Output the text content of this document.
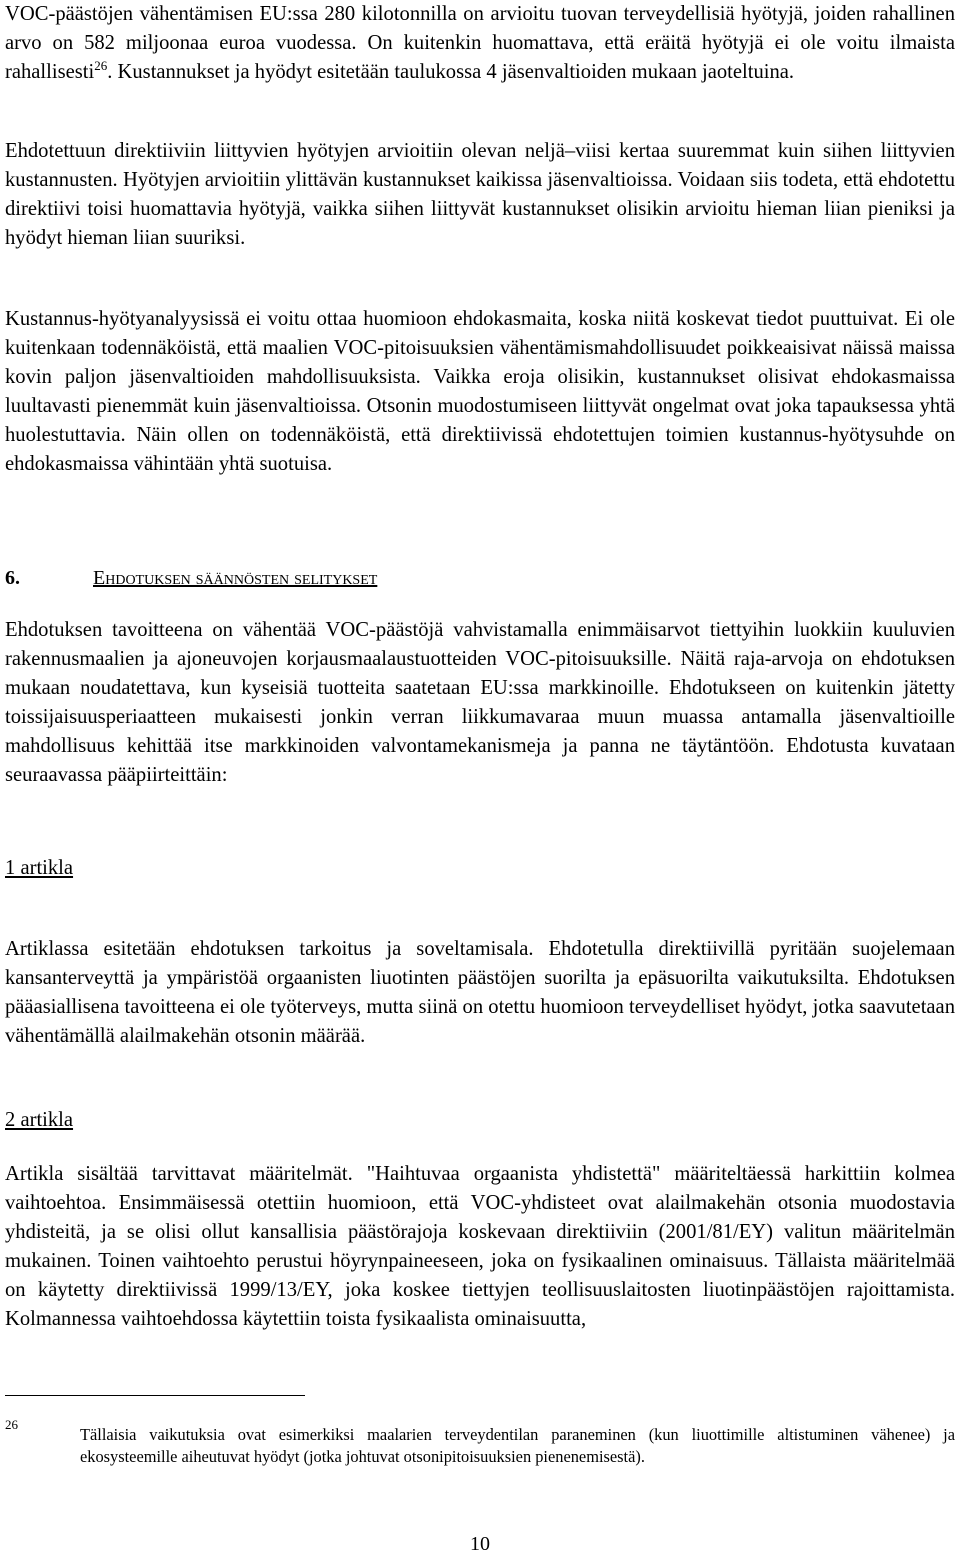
VOC-päästöjen vähentämisen EU:ssa 280 kilotonnilla on arvioitu tuovan terveydellisiä hyötyjä, joiden rahallinen arvo on 582 miljoonaa euroa vuodessa. On kuitenkin huomattava, että eräitä hyötyjä ei ole voitu ilmaista rahallisesti$^{26}$. Kustannukset ja hyödyt esitetään taulukossa 4 jäsenvaltioiden mukaan jaoteltuina.

Ehdotettuun direktiiviin liittyvien hyötyjen arvioitiin olevan neljä–viisi kertaa suuremmat kuin siihen liittyvien kustannusten. Hyötyjen arvioitiin ylittävän kustannukset kaikissa jäsenvaltioissa. Voidaan siis todeta, että ehdotettu direktiivi toisi huomattavia hyötyjä, vaikka siihen liittyvät kustannukset olisikin arvioitu hieman liian pieniksi ja hyödyt hieman liian suuriksi.

Kustannus-hyötyanalyysissä ei voitu ottaa huomioon ehdokasmaita, koska niitä koskevat tiedot puuttuivat. Ei ole kuitenkaan todennäköistä, että maalien VOC-pitoisuuksien vähentämismahdollisuudet poikkeaisivat näissä maissa kovin paljon jäsenvaltioiden mahdollisuuksista. Vaikka eroja olisikin, kustannukset olisivat ehdokasmaissa luultavasti pienemmät kuin jäsenvaltioissa. Otsonin muodostumiseen liittyvät ongelmat ovat joka tapauksessa yhtä huolestuttavia. Näin ollen on todennäköistä, että direktiivissä ehdotettujen toimien kustannus-hyötysuhde on ehdokasmaissa vähintään yhtä suotuisa.

6.	Ehdotuksen säännösten selitykset

Ehdotuksen tavoitteena on vähentää VOC-päästöjä vahvistamalla enimmäisarvot tiettyihin luokkiin kuuluvien rakennusmaalien ja ajoneuvojen korjausmaalaustuotteiden VOC-pitoisuuksille. Näitä raja-arvoja on ehdotuksen mukaan noudatettava, kun kyseisiä tuotteita saatetaan EU:ssa markkinoille. Ehdotukseen on kuitenkin jätetty toissijaisuusperiaatteen mukaisesti jonkin verran liikkumavaraa muun muassa antamalla jäsenvaltioille mahdollisuus kehittää itse markkinoiden valvontamekanismeja ja panna ne täytäntöön. Ehdotusta kuvataan seuraavassa pääpiirteittäin:

1 artikla

Artiklassa esitetään ehdotuksen tarkoitus ja soveltamisala. Ehdotetulla direktiivillä pyritään suojelemaan kansanterveyttä ja ympäristöä orgaanisten liuotinten päästöjen suorilta ja epäsuorilta vaikutuksilta. Ehdotuksen pääasiallisena tavoitteena ei ole työterveys, mutta siinä on otettu huomioon terveydelliset hyödyt, jotka saavutetaan vähentämällä alailmakehän otsonin määrää.

2 artikla

Artikla sisältää tarvittavat määritelmät. "Haihtuvaa orgaanista yhdistettä" määriteltäessä harkittiin kolmea vaihtoehtoa. Ensimmäisessä otettiin huomioon, että VOC-yhdisteet ovat alailmakehän otsonia muodostavia yhdisteitä, ja se olisi ollut kansallisia päästörajoja koskevaan direktiiviin (2001/81/EY) valitun määritelmän mukainen. Toinen vaihtoehto perustui höyrynpaineeseen, joka on fysikaalinen ominaisuus. Tällaista määritelmää on käytetty direktiivissä 1999/13/EY, joka koskee tiettyjen teollisuuslaitosten liuotinpäästöjen rajoittamista. Kolmannessa vaihtoehdossa käytettiin toista fysikaalista ominaisuutta,

26

Tällaisia vaikutuksia ovat esimerkiksi maalarien terveydentilan paraneminen (kun liuottimille altistuminen vähenee) ja ekosysteemille aiheutuvat hyödyt (jotka johtuvat otsonipitoisuuksien pienenemisestä).

10
